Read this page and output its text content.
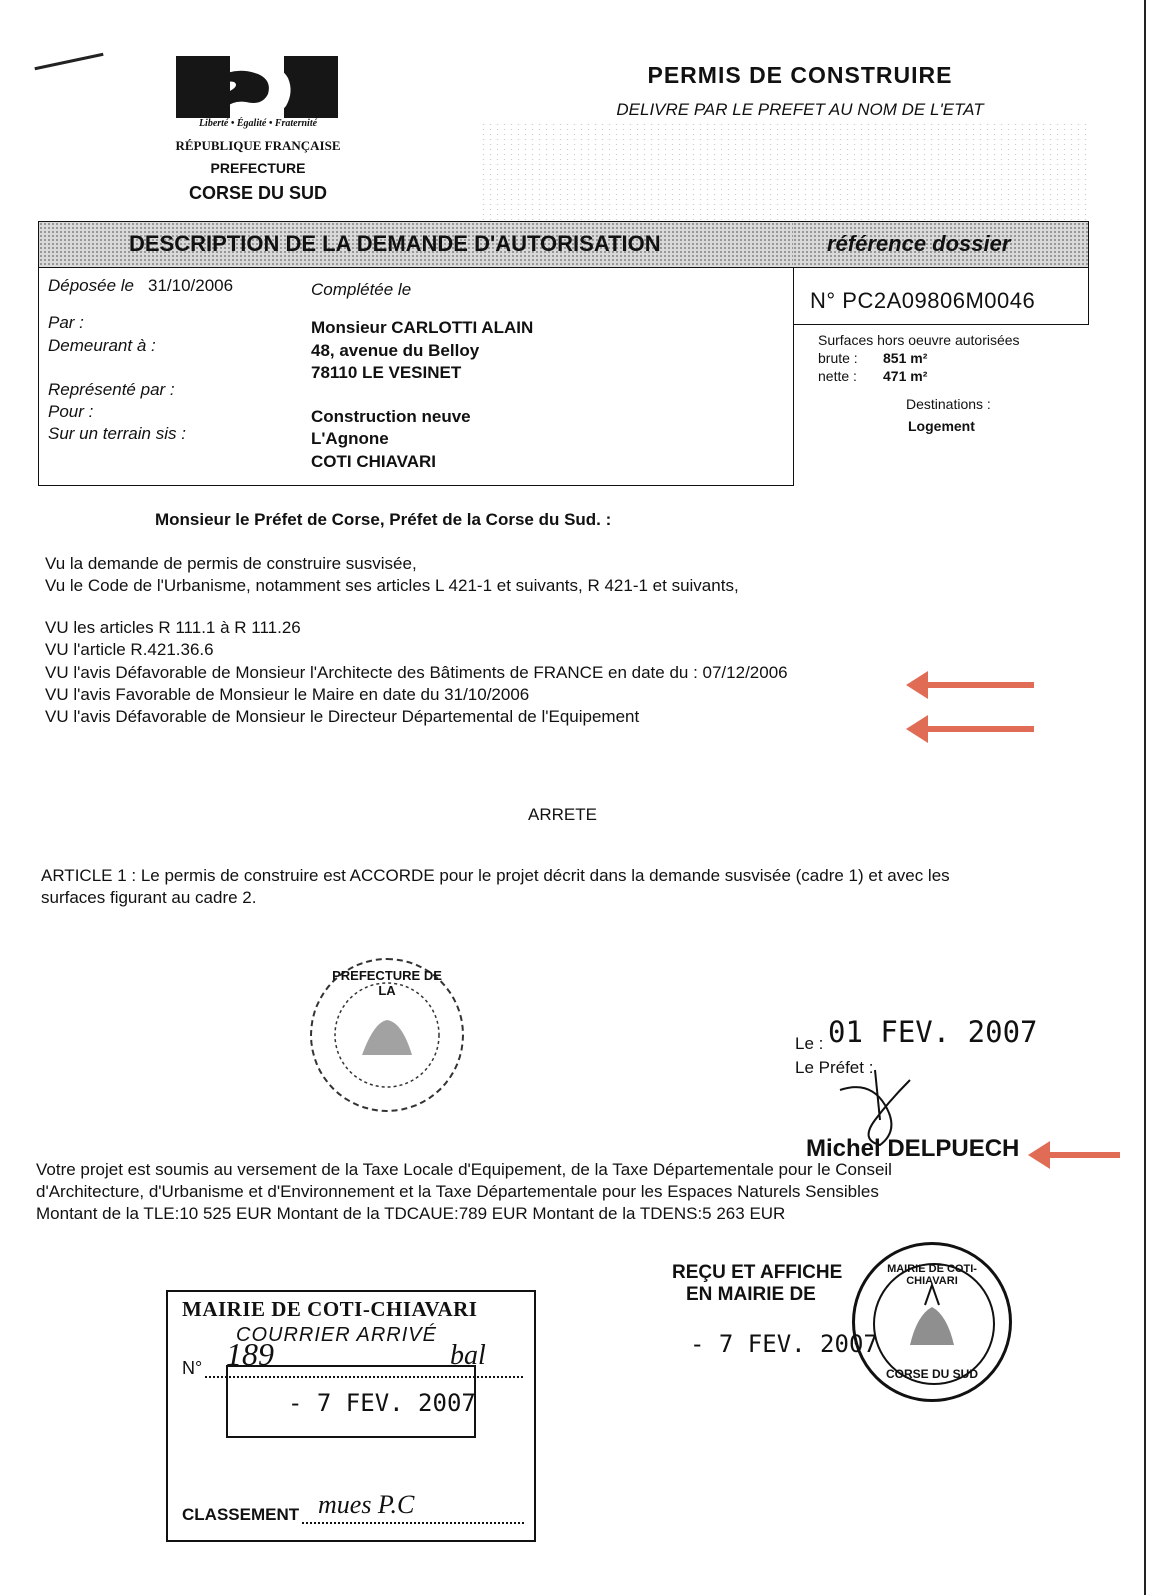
Liberté • Égalité • Fraternité
RÉPUBLIQUE FRANÇAISE
PREFECTURE
CORSE DU SUD
PERMIS DE CONSTRUIRE
DELIVRE PAR LE PREFET AU NOM DE L'ETAT
DESCRIPTION DE LA DEMANDE D'AUTORISATION
Déposée le 31/10/2006	Complétée le
Par :
Demeurant à :
Représenté par :
Pour :
Sur un terrain sis :
Monsieur CARLOTTI ALAIN
48, avenue du Belloy
78110 LE VESINET
Construction neuve
L'Agnone
COTI CHIAVARI
référence dossier
N° PC2A09806M0046
Surfaces hors oeuvre autorisées
brute : 851 m²
nette : 471 m²
Destinations :
Logement
Monsieur le Préfet de Corse, Préfet de la Corse du Sud. :
Vu la demande de permis de construire susvisée,
Vu le Code de l'Urbanisme, notamment ses articles L 421-1 et suivants, R 421-1 et suivants,
VU les articles R 111.1 à R 111.26
VU l'article R.421.36.6
VU l'avis Défavorable de Monsieur l'Architecte des Bâtiments de FRANCE en date du : 07/12/2006
VU l'avis Favorable de Monsieur le Maire en date du 31/10/2006
VU l'avis Défavorable de Monsieur le Directeur Départemental de l'Equipement
ARRETE
ARTICLE 1 : Le permis de construire est ACCORDE pour le projet décrit dans la demande susvisée (cadre 1) et avec les
surfaces figurant au cadre 2.
PREFECTURE DE LA
Le : 01 FEV. 2007
Le Préfet :
Michel DELPUECH
Votre projet est soumis au versement de la Taxe Locale d'Equipement, de la Taxe Départementale pour le Conseil
d'Architecture, d'Urbanisme et d'Environnement et la Taxe Départementale pour les Espaces Naturels Sensibles
Montant de la TLE:10 525 EUR Montant de la TDCAUE:789 EUR Montant de la TDENS:5 263 EUR
MAIRIE DE COTI-CHIAVARI
COURRIER ARRIVÉ
N° 189	bal
- 7 FEV. 2007
CLASSEMENT mues P.C
REÇU ET AFFICHE
EN MAIRIE DE
- 7 FEV. 2007
MAIRIE DE COTI-CHIAVARI
CORSE DU SUD
